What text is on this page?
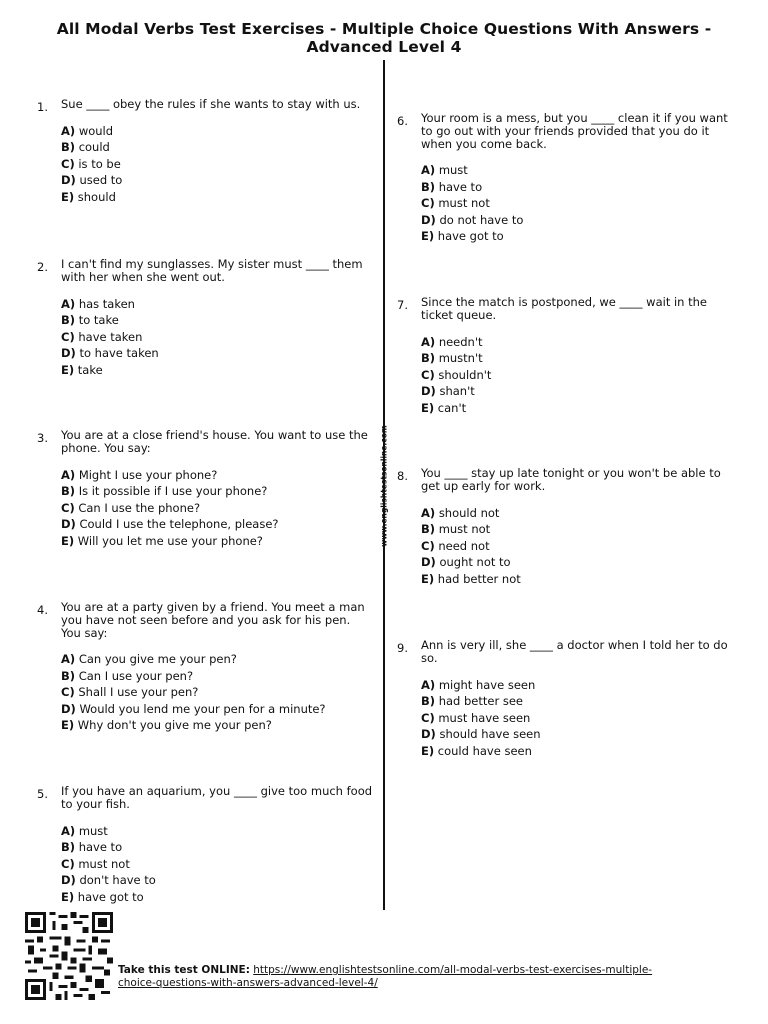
All Modal Verbs Test Exercises - Multiple Choice Questions With Answers -
Advanced Level 4
www.englishtestsonline.com
1. Sue ____ obey the rules if she wants to stay with us.
A) would
B) could
C) is to be
D) used to
E) should
2. I can't find my sunglasses. My sister must ____ them
with her when she went out.
A) has taken
B) to take
C) have taken
D) to have taken
E) take
3. You are at a close friend's house. You want to use the
phone. You say:
A) Might I use your phone?
B) Is it possible if I use your phone?
C) Can I use the phone?
D) Could I use the telephone, please?
E) Will you let me use your phone?
4. You are at a party given by a friend. You meet a man
you have not seen before and you ask for his pen.
You say:
A) Can you give me your pen?
B) Can I use your pen?
C) Shall I use your pen?
D) Would you lend me your pen for a minute?
E) Why don't you give me your pen?
5. If you have an aquarium, you ____ give too much food
to your fish.
A) must
B) have to
C) must not
D) don't have to
E) have got to
6. Your room is a mess, but you ____ clean it if you want
to go out with your friends provided that you do it
when you come back.
A) must
B) have to
C) must not
D) do not have to
E) have got to
7. Since the match is postponed, we ____ wait in the
ticket queue.
A) needn't
B) mustn't
C) shouldn't
D) shan't
E) can't
8. You ____ stay up late tonight or you won't be able to
get up early for work.
A) should not
B) must not
C) need not
D) ought not to
E) had better not
9. Ann is very ill, she ____ a doctor when I told her to do
so.
A) might have seen
B) had better see
C) must have seen
D) should have seen
E) could have seen
Take this test ONLINE: https://www.englishtestsonline.com/all-modal-verbs-test-exercises-multiple-
choice-questions-with-answers-advanced-level-4/
